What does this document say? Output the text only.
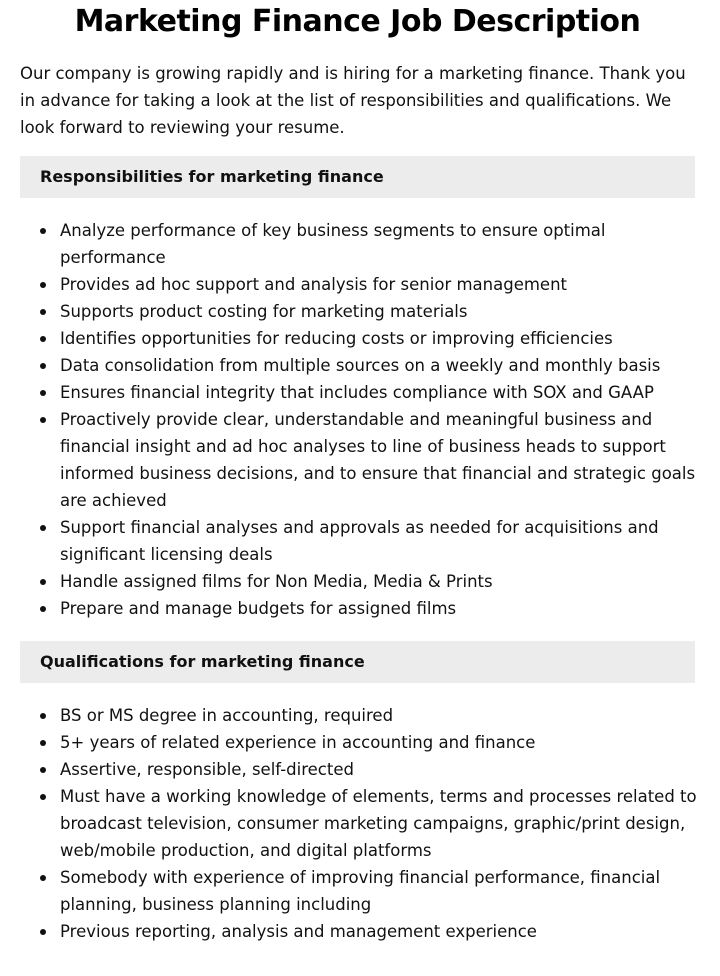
Marketing Finance Job Description

Our company is growing rapidly and is hiring for a marketing finance. Thank you in advance for taking a look at the list of responsibilities and qualifications. We look forward to reviewing your resume.

Responsibilities for marketing finance
Analyze performance of key business segments to ensure optimal performance
Provides ad hoc support and analysis for senior management
Supports product costing for marketing materials
Identifies opportunities for reducing costs or improving efficiencies
Data consolidation from multiple sources on a weekly and monthly basis
Ensures financial integrity that includes compliance with SOX and GAAP
Proactively provide clear, understandable and meaningful business and financial insight and ad hoc analyses to line of business heads to support informed business decisions, and to ensure that financial and strategic goals are achieved
Support financial analyses and approvals as needed for acquisitions and significant licensing deals
Handle assigned films for Non Media, Media & Prints
Prepare and manage budgets for assigned films
Qualifications for marketing finance
BS or MS degree in accounting, required
5+ years of related experience in accounting and finance
Assertive, responsible, self-directed
Must have a working knowledge of elements, terms and processes related to broadcast television, consumer marketing campaigns, graphic/print design, web/mobile production, and digital platforms
Somebody with experience of improving financial performance, financial planning, business planning including
Previous reporting, analysis and management experience
